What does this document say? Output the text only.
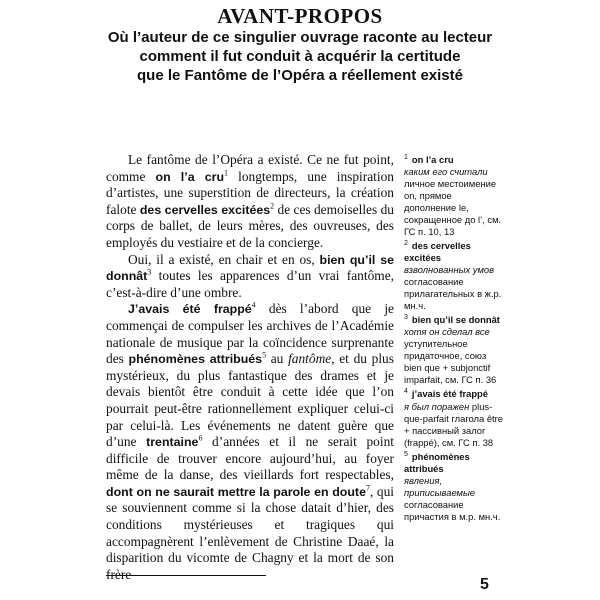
AVANT-PROPOS
Où l’auteur de ce singulier ouvrage raconte au lecteur
comment il fut conduit à acquérir la certitude
que le Fantôme de l’Opéra a réellement existé

Le fantôme de l’Opéra a existé. Ce ne fut point, comme on l’a cru$^1$ longtemps, une inspiration d’artistes, une superstition de directeurs, la création falote des cervelles excitées$^2$ de ces demoiselles du corps de ballet, de leurs mères, des ouvreuses, des employés du vestiaire et de la concierge.

Oui, il a existé, en chair et en os, bien qu’il se donnât$^3$ toutes les apparences d’un vrai fantôme, c’est-à-dire d’une ombre.

J’avais été frappé$^4$ dès l’abord que je commençai de compulser les archives de l’Académie nationale de musique par la coïncidence surprenante des phénomènes attribués$^5$ au fantôme, et du plus mystérieux, du plus fantastique des drames et je devais bientôt être conduit à cette idée que l’on pourrait peut-être rationnellement expliquer celui-ci par celui-là. Les événements ne datent guère que d’une trentaine$^6$ d’années et il ne serait point difficile de trouver encore aujourd’hui, au foyer même de la danse, des vieillards fort respectables, dont on ne saurait mettre la parole en doute$^7$, qui se souviennent comme si la chose datait d’hier, des conditions mystérieuses et tragiques qui accompagnèrent l’enlèvement de Christine Daaé, la disparition du vicomte de Chagny et la mort de son frère

$^1$ on l’a cru
каким его считали личное местоимение on, прямое дополнение le, сокращенное до l’, см. ГС п. 10, 13
$^2$ des cervelles excitées
взволнованных умов согласование прилагательных в ж.р. мн.ч.
$^3$ bien qu’il se donnât
хотя он сделал все уступительное придаточное, союз bien que + subjonctif imparfait, см. ГС п. 36
$^4$ j’avais été frappé
я был поражен plus-que-parfait глагола être + пассивный залог (frappé), см. ГС п. 38
$^5$ phénomènes attribués
явления, приписываемые согласование причастия в м.р. мн.ч.
5
